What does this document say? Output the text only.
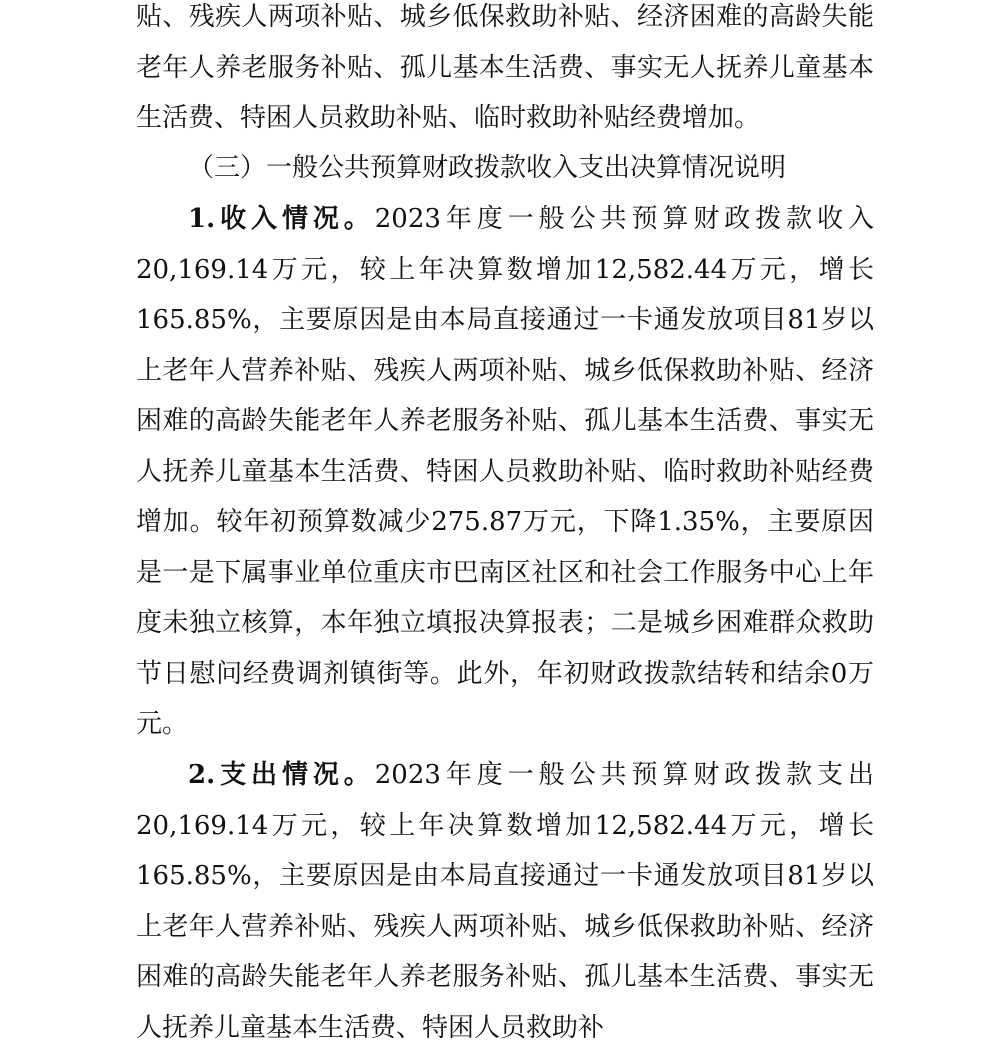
贴、残疾人两项补贴、城乡低保救助补贴、经济困难的高龄失能老年人养老服务补贴、孤儿基本生活费、事实无人抚养儿童基本生活费、特困人员救助补贴、临时救助补贴经费增加。

（三）一般公共预算财政拨款收入支出决算情况说明

1.收入情况。2023年度一般公共预算财政拨款收入20,169.14万元，较上年决算数增加12,582.44万元，增长165.85%，主要原因是由本局直接通过一卡通发放项目81岁以上老年人营养补贴、残疾人两项补贴、城乡低保救助补贴、经济困难的高龄失能老年人养老服务补贴、孤儿基本生活费、事实无人抚养儿童基本生活费、特困人员救助补贴、临时救助补贴经费增加。较年初预算数减少275.87万元，下降1.35%，主要原因是一是下属事业单位重庆市巴南区社区和社会工作服务中心上年度未独立核算，本年独立填报决算报表；二是城乡困难群众救助节日慰问经费调剂镇街等。此外，年初财政拨款结转和结余0万元。

2.支出情况。2023年度一般公共预算财政拨款支出20,169.14万元，较上年决算数增加12,582.44万元，增长165.85%，主要原因是由本局直接通过一卡通发放项目81岁以上老年人营养补贴、残疾人两项补贴、城乡低保救助补贴、经济困难的高龄失能老年人养老服务补贴、孤儿基本生活费、事实无人抚养儿童基本生活费、特困人员救助补
